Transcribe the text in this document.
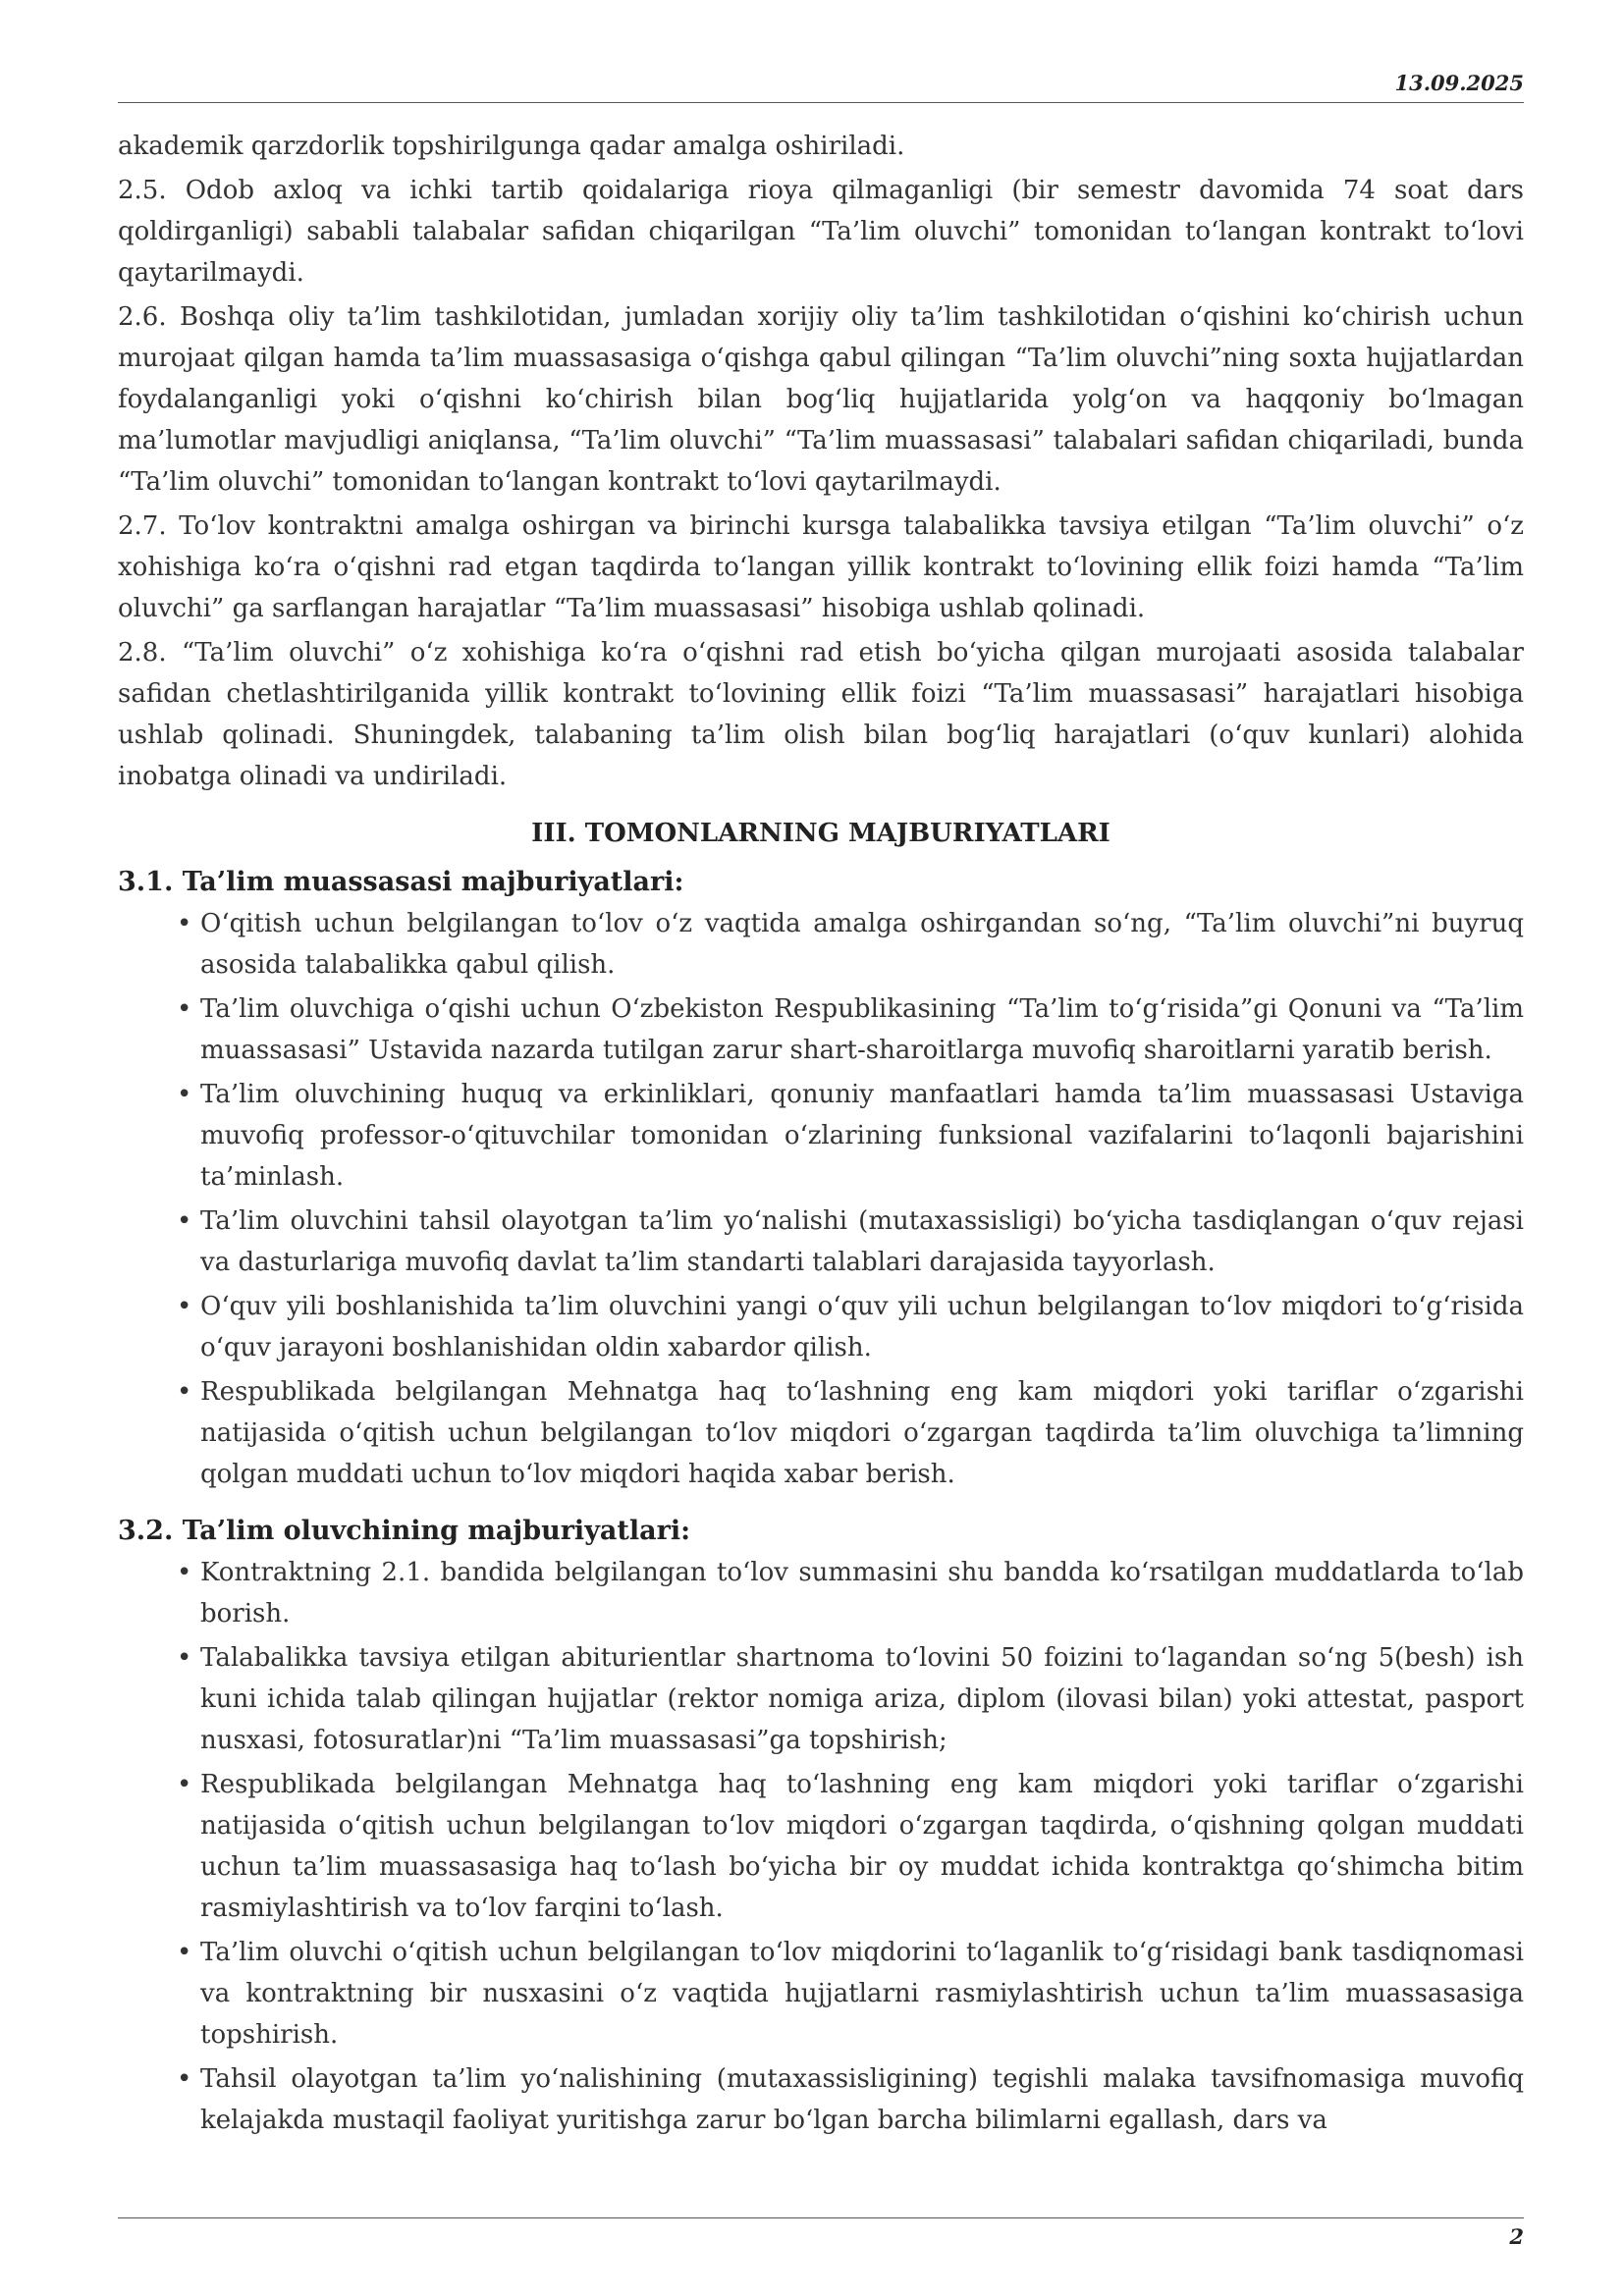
13.09.2025

akademik qarzdorlik topshirilgunga qadar amalga oshiriladi.

2.5. Odob axloq va ichki tartib qoidalariga rioya qilmaganligi (bir semestr davomida 74 soat dars qoldirganligi) sababli talabalar safidan chiqarilgan “Ta’lim oluvchi” tomonidan to‘langan kontrakt to‘lovi qaytarilmaydi.

2.6. Boshqa oliy ta’lim tashkilotidan, jumladan xorijiy oliy ta’lim tashkilotidan o‘qishini ko‘chirish uchun murojaat qilgan hamda ta’lim muassasasiga o‘qishga qabul qilingan “Ta’lim oluvchi”ning soxta hujjatlardan foydalanganligi yoki o‘qishni ko‘chirish bilan bog‘liq hujjatlarida yolg‘on va haqqoniy bo‘lmagan ma’lumotlar mavjudligi aniqlansa, “Ta’lim oluvchi” “Ta’lim muassasasi” talabalari safidan chiqariladi, bunda “Ta’lim oluvchi” tomonidan to‘langan kontrakt to‘lovi qaytarilmaydi.

2.7. To‘lov kontraktni amalga oshirgan va birinchi kursga talabalikka tavsiya etilgan “Ta’lim oluvchi” o‘z xohishiga ko‘ra o‘qishni rad etgan taqdirda to‘langan yillik kontrakt to‘lovining ellik foizi hamda “Ta’lim oluvchi” ga sarflangan harajatlar “Ta’lim muassasasi” hisobiga ushlab qolinadi.

2.8. “Ta’lim oluvchi” o‘z xohishiga ko‘ra o‘qishni rad etish bo‘yicha qilgan murojaati asosida talabalar safidan chetlashtirilganida yillik kontrakt to‘lovining ellik foizi “Ta’lim muassasasi” harajatlari hisobiga ushlab qolinadi. Shuningdek, talabaning ta’lim olish bilan bog‘liq harajatlari (o‘quv kunlari) alohida inobatga olinadi va undiriladi.

III. TOMONLARNING MAJBURIYATLARI
3.1. Ta’lim muassasasi majburiyatlari:
• O‘qitish uchun belgilangan to‘lov o‘z vaqtida amalga oshirgandan so‘ng, “Ta’lim oluvchi”ni buyruq asosida talabalikka qabul qilish.
• Ta’lim oluvchiga o‘qishi uchun O‘zbekiston Respublikasining “Ta’lim to‘g‘risida”gi Qonuni va “Ta’lim muassasasi” Ustavida nazarda tutilgan zarur shart-sharoitlarga muvofiq sharoitlarni yaratib berish.
• Ta’lim oluvchining huquq va erkinliklari, qonuniy manfaatlari hamda ta’lim muassasasi Ustaviga muvofiq professor-o‘qituvchilar tomonidan o‘zlarining funksional vazifalarini to‘laqonli bajarishini ta’minlash.
• Ta’lim oluvchini tahsil olayotgan ta’lim yo‘nalishi (mutaxassisligi) bo‘yicha tasdiqlangan o‘quv rejasi va dasturlariga muvofiq davlat ta’lim standarti talablari darajasida tayyorlash.
• O‘quv yili boshlanishida ta’lim oluvchini yangi o‘quv yili uchun belgilangan to‘lov miqdori to‘g‘risida o‘quv jarayoni boshlanishidan oldin xabardor qilish.
• Respublikada belgilangan Mehnatga haq to‘lashning eng kam miqdori yoki tariflar o‘zgarishi natijasida o‘qitish uchun belgilangan to‘lov miqdori o‘zgargan taqdirda ta’lim oluvchiga ta’limning qolgan muddati uchun to‘lov miqdori haqida xabar berish.
3.2. Ta’lim oluvchining majburiyatlari:
• Kontraktning 2.1. bandida belgilangan to‘lov summasini shu bandda ko‘rsatilgan muddatlarda to‘lab borish.
• Talabalikka tavsiya etilgan abiturientlar shartnoma to‘lovini 50 foizini to‘lagandan so‘ng 5(besh) ish kuni ichida talab qilingan hujjatlar (rektor nomiga ariza, diplom (ilovasi bilan) yoki attestat, pasport nusxasi, fotosuratlar)ni “Ta’lim muassasasi”ga topshirish;
• Respublikada belgilangan Mehnatga haq to‘lashning eng kam miqdori yoki tariflar o‘zgarishi natijasida o‘qitish uchun belgilangan to‘lov miqdori o‘zgargan taqdirda, o‘qishning qolgan muddati uchun ta’lim muassasasiga haq to‘lash bo‘yicha bir oy muddat ichida kontraktga qo‘shimcha bitim rasmiylashtirish va to‘lov farqini to‘lash.
• Ta’lim oluvchi o‘qitish uchun belgilangan to‘lov miqdorini to‘laganlik to‘g‘risidagi bank tasdiqnomasi va kontraktning bir nusxasini o‘z vaqtida hujjatlarni rasmiylashtirish uchun ta’lim muassasasiga topshirish.
• Tahsil olayotgan ta’lim yo‘nalishining (mutaxassisligining) tegishli malaka tavsifnomasiga muvofiq kelajakda mustaqil faoliyat yuritishga zarur bo‘lgan barcha bilimlarni egallash, dars va
2
